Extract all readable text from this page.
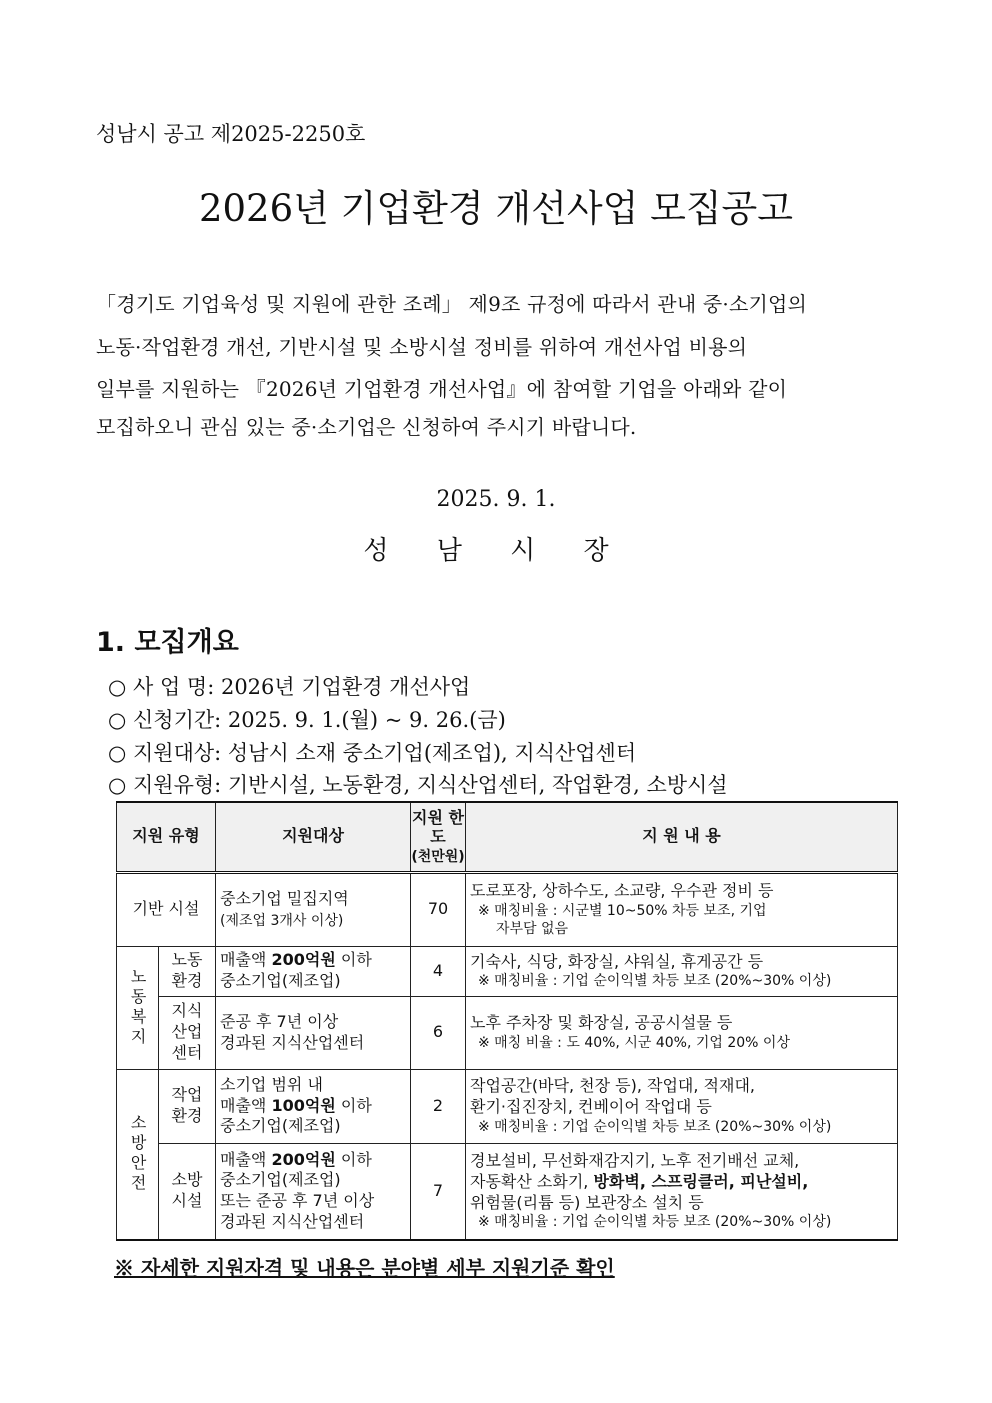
성남시 공고 제2025-2250호
2026년 기업환경 개선사업 모집공고
「경기도 기업육성 및 지원에 관한 조례」 제9조 규정에 따라서 관내 중·소기업의
노동·작업환경 개선, 기반시설 및 소방시설 정비를 위하여 개선사업 비용의
일부를 지원하는 『2026년 기업환경 개선사업』에 참여할 기업을 아래와 같이
모집하오니 관심 있는 중·소기업은 신청하여 주시기 바랍니다.
2025. 9. 1.
성 남 시 장
1. 모집개요
○ 사 업 명: 2026년 기업환경 개선사업
○ 신청기간: 2025. 9. 1.(월) ~ 9. 26.(금)
○ 지원대상: 성남시 소재 중소기업(제조업), 지식산업센터
○ 지원유형: 기반시설, 노동환경, 지식산업센터, 작업환경, 소방시설
지원 유형		지원대상	지원 한도
(천만원)	지 원 내 용
기반 시설		중소기업 밀집지역
(제조업 3개사 이상)	70	도로포장, 상하수도, 소교량, 우수관 정비 등
※ 매칭비율 : 시군별 10~50% 차등 보조, 기업
자부담 없음

노동복지	노동 환경	매출액 200억원 이하
중소기업(제조업)	4	기숙사, 식당, 화장실, 샤워실, 휴게공간 등
※ 매칭비율 : 기업 순이익별 차등 보조 (20%~30% 이상)

	지식 산업 센터	준공 후 7년 이상
경과된 지식산업센터	6	노후 주차장 및 화장실, 공공시설물 등
※ 매칭 비율 : 도 40%, 시군 40%, 기업 20% 이상

소방안전	작업 환경	소기업 범위 내
매출액 100억원 이하
중소기업(제조업)	2	작업공간(바닥, 천장 등), 작업대, 적재대,
환기·집진장치, 컨베이어 작업대 등
※ 매칭비율 : 기업 순이익별 차등 보조 (20%~30% 이상)

	소방 시설	매출액 200억원 이하
중소기업(제조업)
또는 준공 후 7년 이상
경과된 지식산업센터	7	경보설비, 무선화재감지기, 노후 전기배선 교체,
자동확산 소화기, 방화벽, 스프링클러, 피난설비,
위험물(리튬 등) 보관장소 설치 등
※ 매칭비율 : 기업 순이익별 차등 보조 (20%~30% 이상)
※ 자세한 지원자격 및 내용은 분야별 세부 지원기준 확인
